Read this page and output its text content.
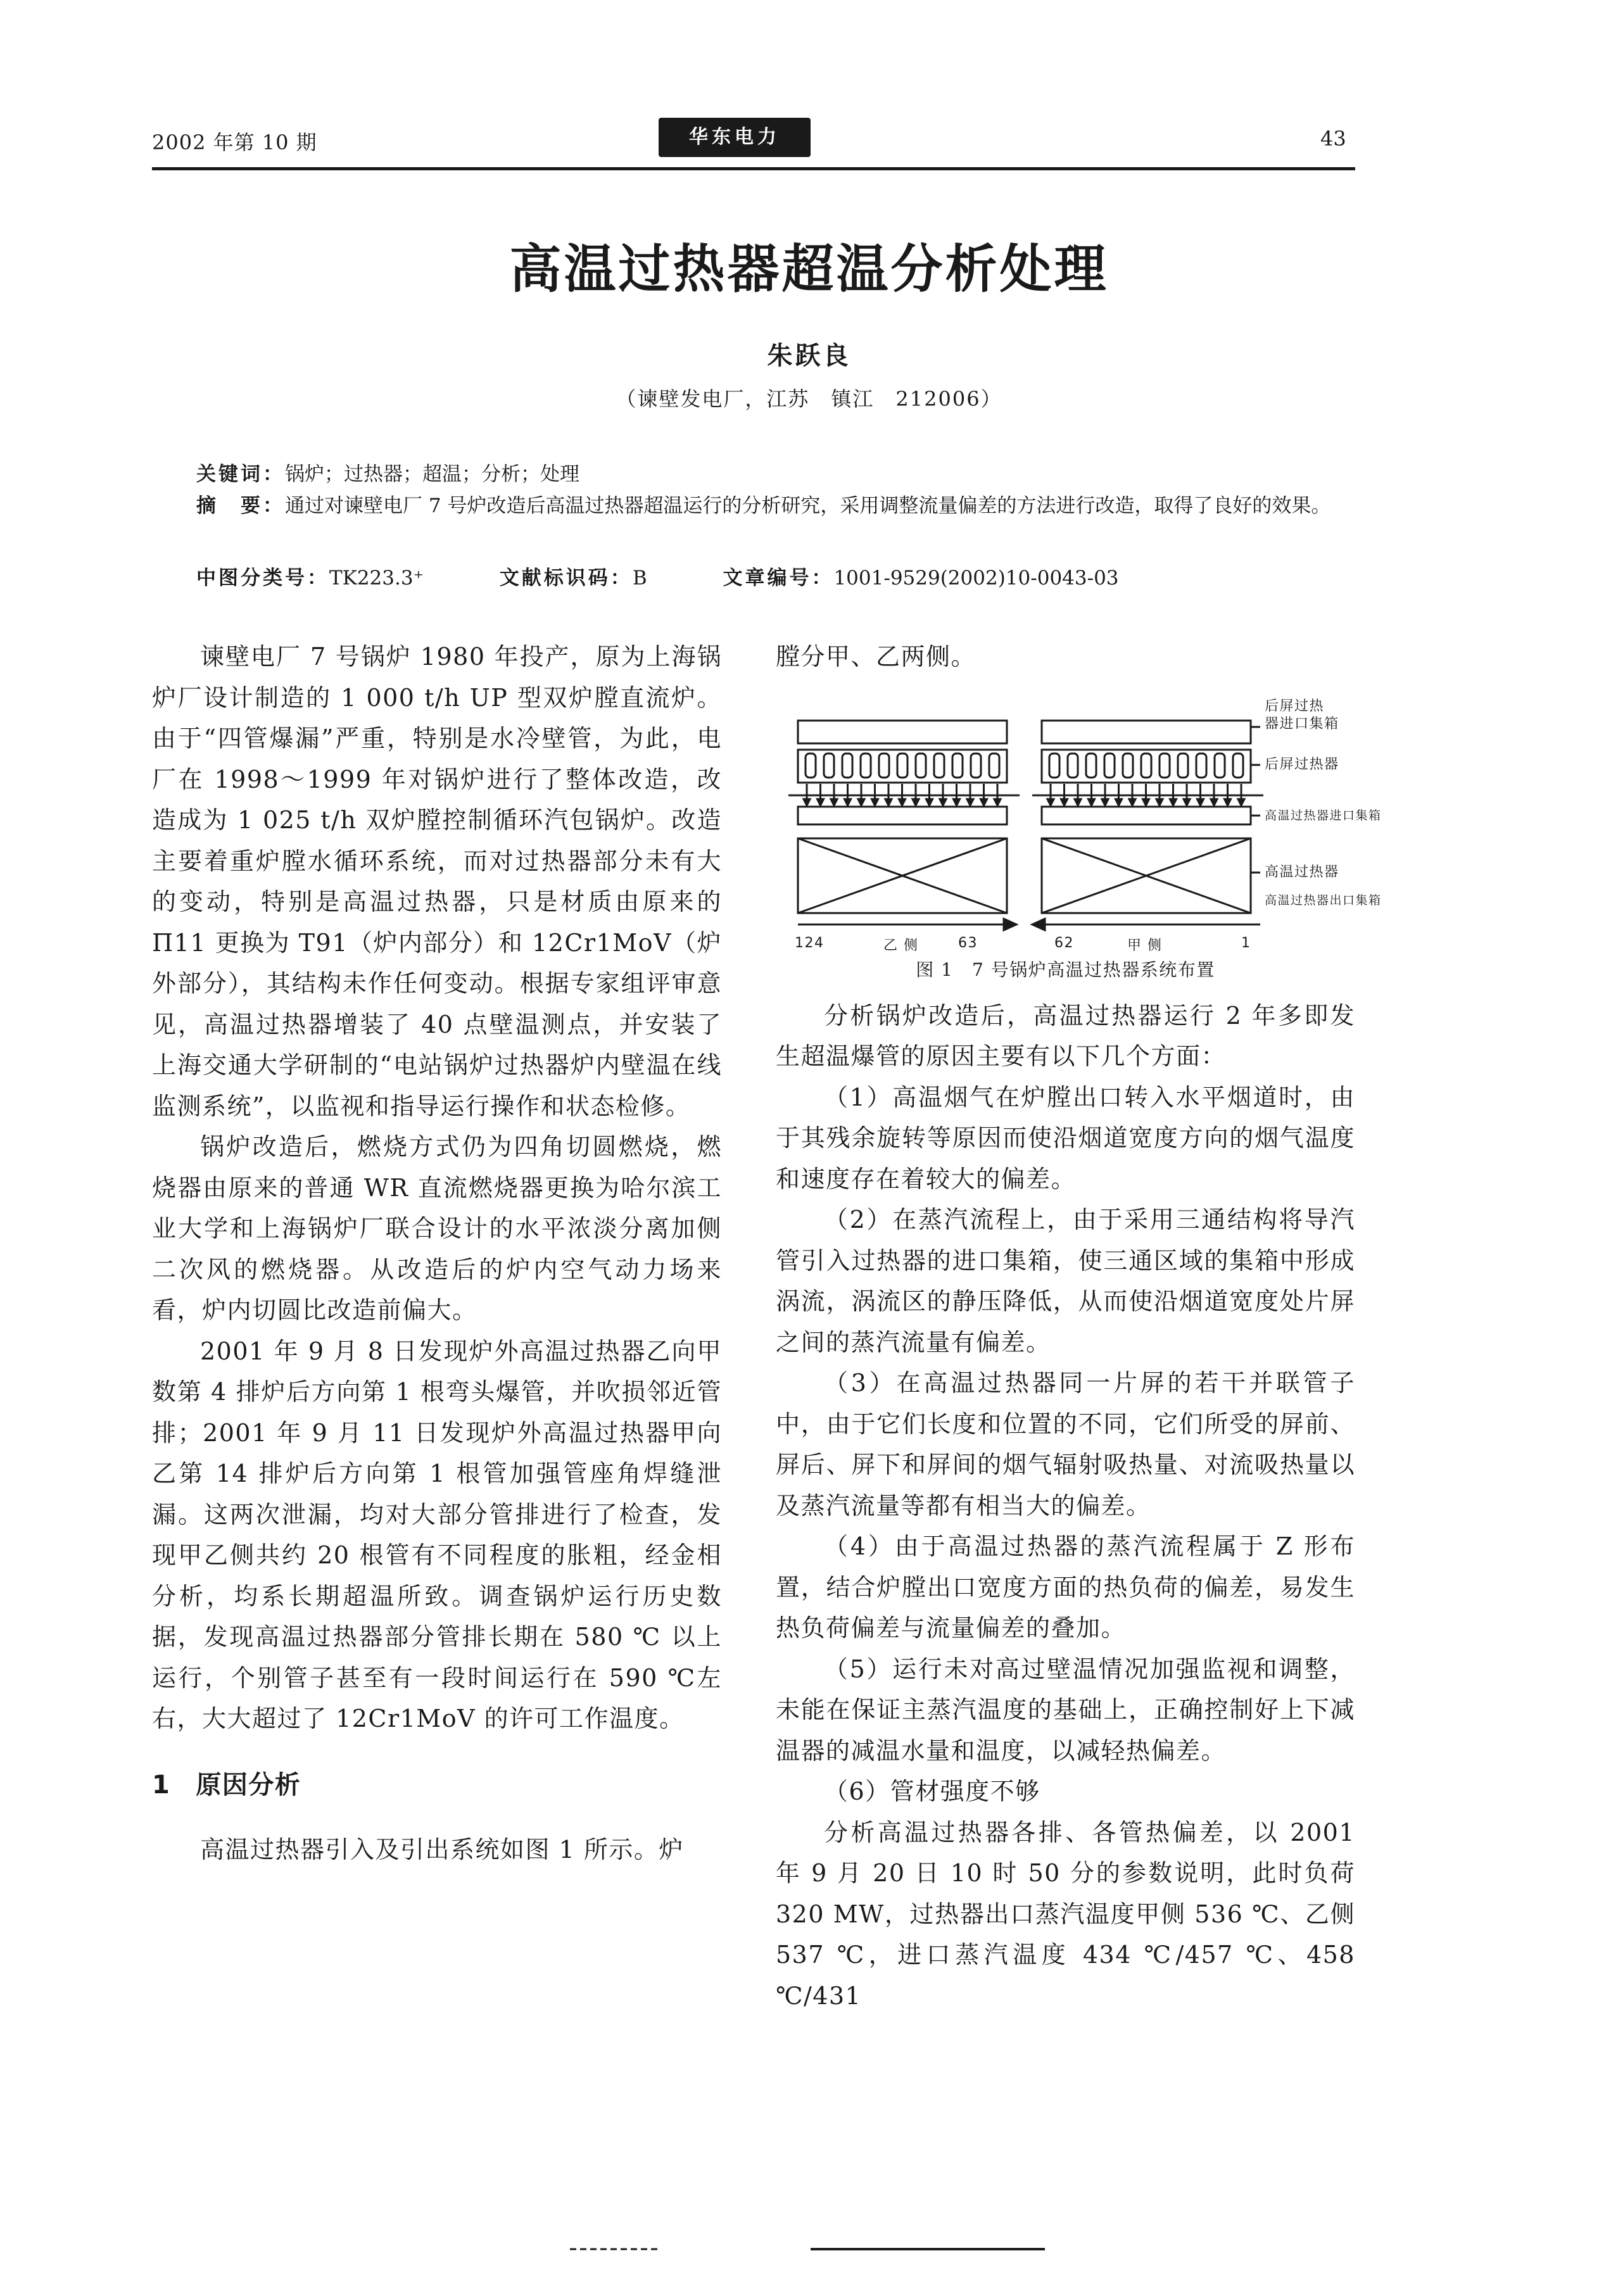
2002 年第 10 期	华东电力	43
高温过热器超温分析处理
朱跃良
（谏壁发电厂，江苏　镇江　212006）
关键词：锅炉；过热器；超温；分析；处理
摘　要：通过对谏壁电厂 7 号炉改造后高温过热器超温运行的分析研究，采用调整流量偏差的方法进行改造，取得了良好的效果。
中图分类号：TK223.3⁺	文献标识码：B	文章编号：1001-9529(2002)10-0043-03

谏壁电厂 7 号锅炉 1980 年投产，原为上海锅炉厂设计制造的 1 000 t/h UP 型双炉膛直流炉。由于“四管爆漏”严重，特别是水冷壁管，为此，电厂在 1998～1999 年对锅炉进行了整体改造，改造成为 1 025 t/h 双炉膛控制循环汽包锅炉。改造主要着重炉膛水循环系统，而对过热器部分未有大的变动，特别是高温过热器，只是材质由原来的 Π11 更换为 T91（炉内部分）和 12Cr1MoV（炉外部分），其结构未作任何变动。根据专家组评审意见，高温过热器增装了 40 点壁温测点，并安装了上海交通大学研制的“电站锅炉过热器炉内壁温在线监测系统”，以监视和指导运行操作和状态检修。

锅炉改造后，燃烧方式仍为四角切圆燃烧，燃烧器由原来的普通 WR 直流燃烧器更换为哈尔滨工业大学和上海锅炉厂联合设计的水平浓淡分离加侧二次风的燃烧器。从改造后的炉内空气动力场来看，炉内切圆比改造前偏大。

2001 年 9 月 8 日发现炉外高温过热器乙向甲数第 4 排炉后方向第 1 根弯头爆管，并吹损邻近管排；2001 年 9 月 11 日发现炉外高温过热器甲向乙第 14 排炉后方向第 1 根管加强管座角焊缝泄漏。这两次泄漏，均对大部分管排进行了检查，发现甲乙侧共约 20 根管有不同程度的胀粗，经金相分析，均系长期超温所致。调查锅炉运行历史数据，发现高温过热器部分管排长期在 580 ℃ 以上运行，个别管子甚至有一段时间运行在 590 ℃左右，大大超过了 12Cr1MoV 的许可工作温度。

1 原因分析

高温过热器引入及引出系统如图 1 所示。炉

膛分甲、乙两侧。

后屏过热
器进口集箱
后屏过热器
高温过热器进口集箱
高温过热器
高温过热器出口集箱
124	乙 侧	63	62	甲 侧	1

图 1　7 号锅炉高温过热器系统布置

分析锅炉改造后，高温过热器运行 2 年多即发生超温爆管的原因主要有以下几个方面：

（1）高温烟气在炉膛出口转入水平烟道时，由于其残余旋转等原因而使沿烟道宽度方向的烟气温度和速度存在着较大的偏差。

（2）在蒸汽流程上，由于采用三通结构将导汽管引入过热器的进口集箱，使三通区域的集箱中形成涡流，涡流区的静压降低，从而使沿烟道宽度处片屏之间的蒸汽流量有偏差。

（3）在高温过热器同一片屏的若干并联管子中，由于它们长度和位置的不同，它们所受的屏前、屏后、屏下和屏间的烟气辐射吸热量、对流吸热量以及蒸汽流量等都有相当大的偏差。

（4）由于高温过热器的蒸汽流程属于 Z 形布置，结合炉膛出口宽度方面的热负荷的偏差，易发生热负荷偏差与流量偏差的叠加。

（5）运行未对高过壁温情况加强监视和调整，未能在保证主蒸汽温度的基础上，正确控制好上下减温器的减温水量和温度，以减轻热偏差。

（6）管材强度不够

分析高温过热器各排、各管热偏差，以 2001 年 9 月 20 日 10 时 50 分的参数说明，此时负荷 320 MW，过热器出口蒸汽温度甲侧 536 ℃、乙侧 537 ℃，进口蒸汽温度 434 ℃/457 ℃、458 ℃/431
